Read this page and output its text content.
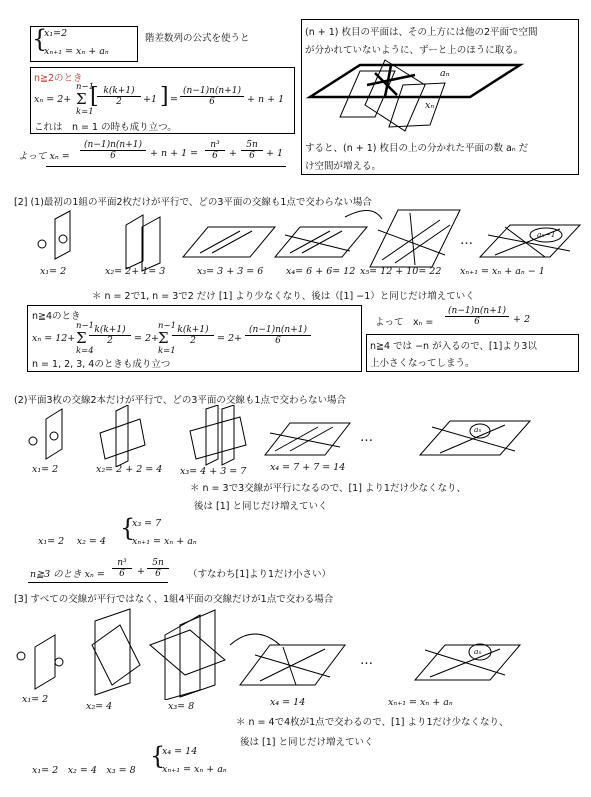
{
x₁=2
xₙ₊₁ = xₙ + aₙ
階差数列の公式を使うと
n≧2のとき
xₙ = 2+
n−1
Σ
k=1
[
$\frac{k(k+1)}{2} +1$ ] = $\frac{(n-1)n(n+1)}{6} + n + 1$
これは　n = 1 の時も成り立つ。
よって $x_n = \frac{(n-1)n(n+1)}{6} + n + 1 = \frac{\text{n³}}{6} + \frac{5n}{6} + 1$
(n + 1) 枚目の平面は、その上方には他の2平面で空間
が分かれていないように、ずーと上のほうに取る。
aₙ
xₙ
すると、(n + 1) 枚目の上の分かれた平面の数 aₙ だ
け空間が増える。
[2] (1)最初の1組の平面2枚だけが平行で、どの3平面の交線も1点で交わらない場合
…	aₙ−1
x₁= 2	x₂= 2+ 1= 3	x₃= 3 + 3 = 6 x₄= 6 + 6= 12 x₅= 12 + 10= 22 xₙ₊₁ = xₙ + aₙ − 1
＊ n = 2で1, n = 3で2 だけ [1] より少なくなり、後は（[1] −1）と同じだけ増えていく
n≧4のとき
xₙ = 12+
n−1
Σ
k=4
$\frac{k(k+1)}{2} = 2+$
n−1
Σ
k=1
$\frac{k(k+1)}{2} = 2+ \frac{(n-1)n(n+1)}{6}$
n = 1, 2, 3, 4のときも成り立つ
よって　$x_n = \frac{(n-1)n(n+1)}{6} + 2$
n≧4 では −n が入るので、[1]より3以
上小さくなってしまう。
(2)平面3枚の交線2本だけが平行で、どの3平面の交線も1点で交わらない場合
…
aₙ
x₁= 2	x₂= 2 + 2 = 4 x₃= 4 + 3 = 7 x₄ = 7 + 7 = 14
＊ n = 3で3交線が平行になるので、[1] より1だけ少なくなり、
後は [1] と同じだけ増えていく
x₁= 2　 x₂ = 4 {
x₃ = 7
xₙ₊₁ = xₙ + aₙ
n≧3 のとき $x_n = \frac{\text{n³}}{6} + \frac{5n}{6}$ （すなわち[1]より1だけ小さい）
[3] すべての交線が平行ではなく、1組4平面の交線だけが1点で交わる場合
…
aₙ
x₁= 2
x₂= 4	x₃= 8	x₄ = 14	xₙ₊₁ = xₙ + aₙ
＊ n = 4で4枚が1点で交わるので、[1] より1だけ少なくなり、
後は [1] と同じだけ増えていく
x₁= 2　x₂ = 4　x₃ = 8
{
x₄ = 14
xₙ₊₁ = xₙ + aₙ
